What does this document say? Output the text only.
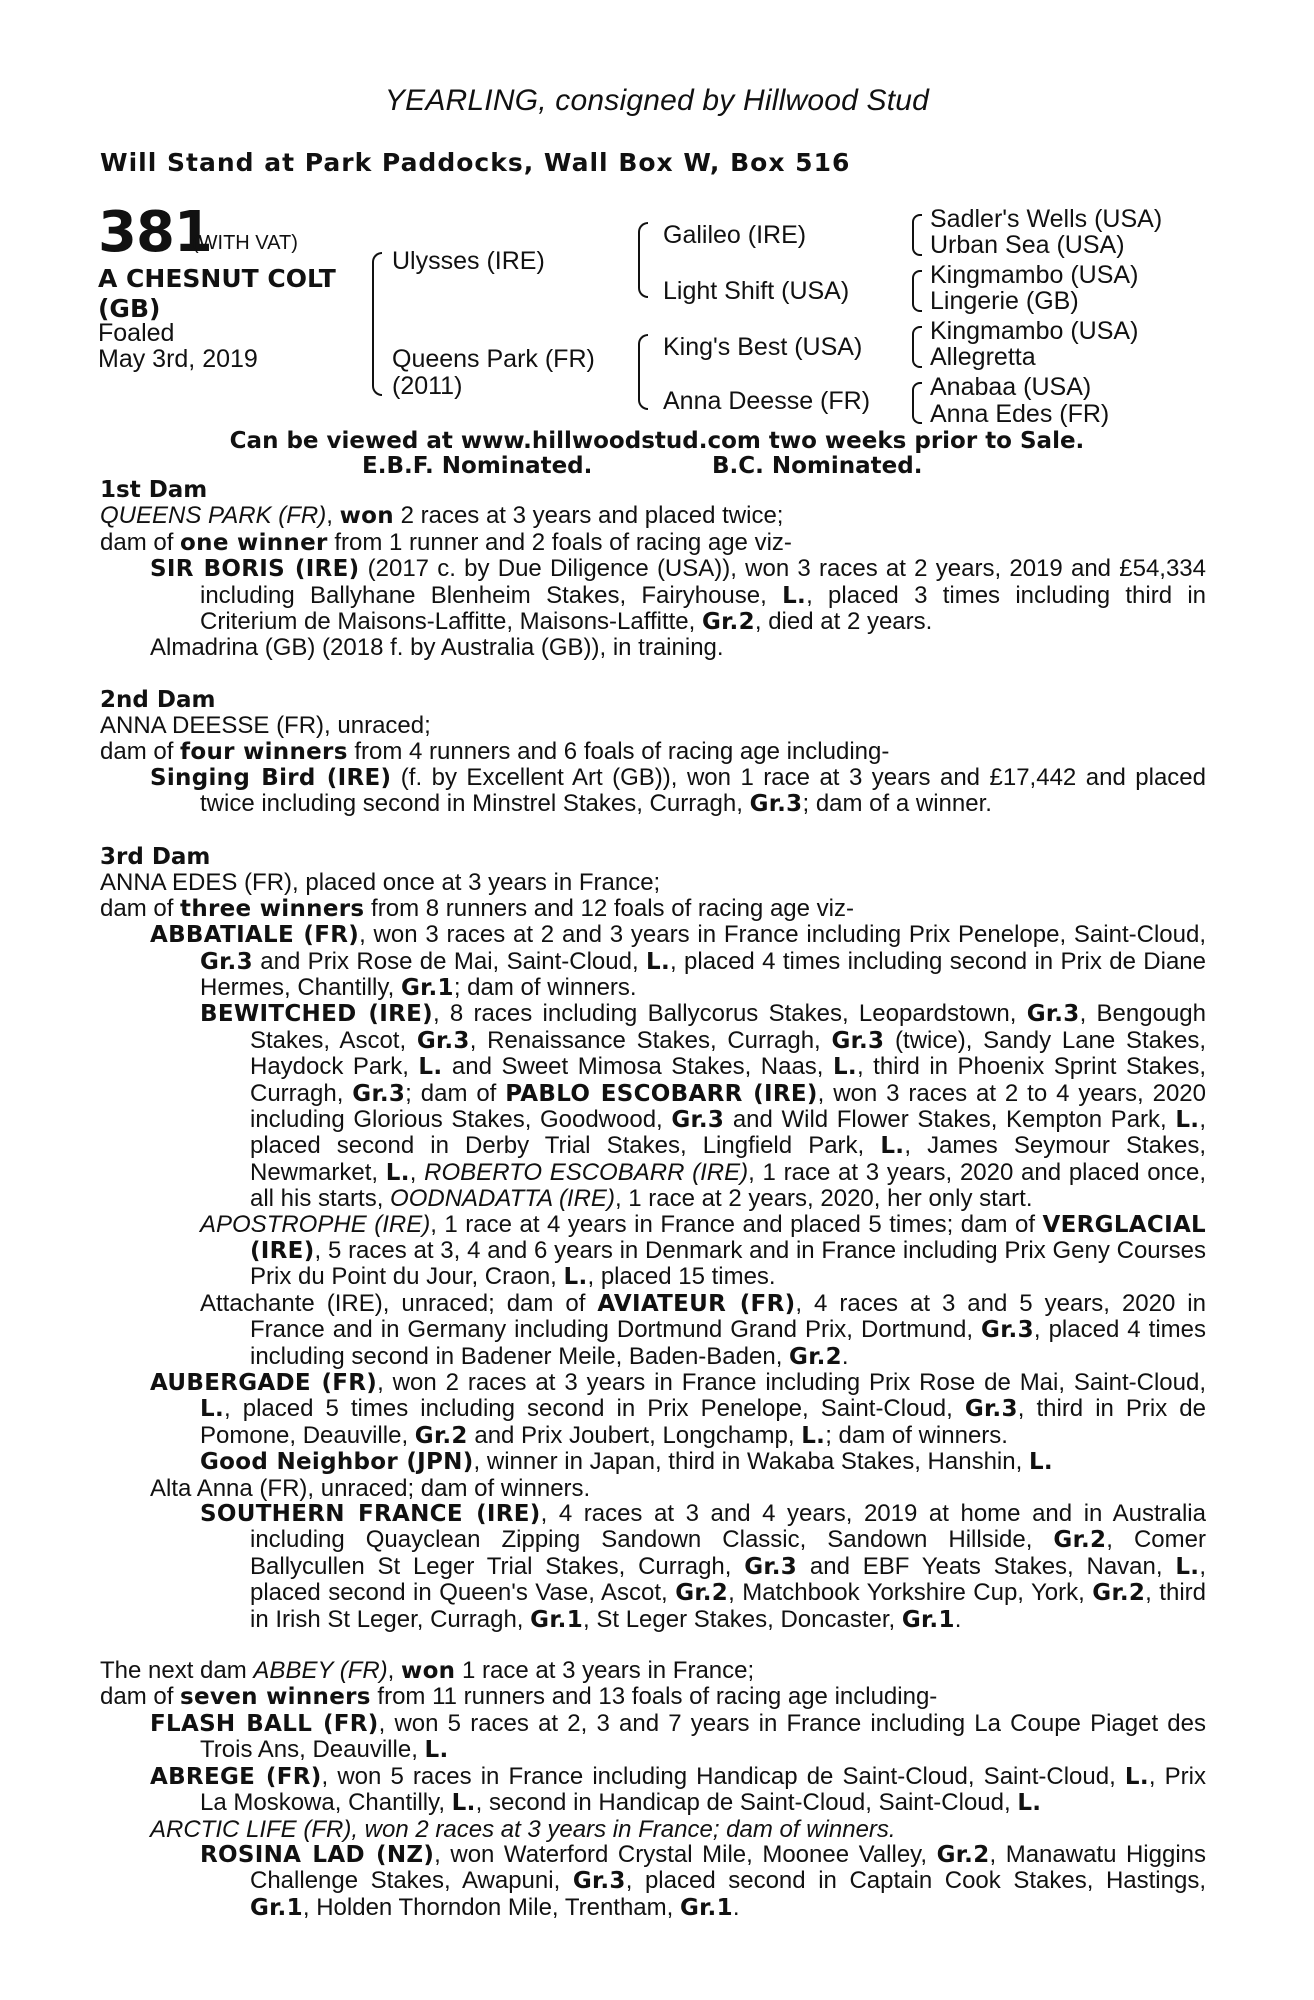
YEARLING, consigned by Hillwood Stud
Will Stand at Park Paddocks, Wall Box W, Box 516
381
(WITH VAT)
A CHESNUT COLT (GB)
Foaled
May 3rd, 2019
Ulysses (IRE)
Queens Park (FR)
(2011)
Galileo (IRE)
Light Shift (USA)
King's Best (USA)
Anna Deesse (FR)
Sadler's Wells (USA)
Urban Sea (USA)
Kingmambo (USA)
Lingerie (GB)
Kingmambo (USA)
Allegretta
Anabaa (USA)
Anna Edes (FR)
Can be viewed at www.hillwoodstud.com two weeks prior to Sale.
E.B.F. Nominated.	B.C. Nominated.
1st Dam
QUEENS PARK (FR), won 2 races at 3 years and placed twice;
dam of one winner from 1 runner and 2 foals of racing age viz-
SIR BORIS (IRE) (2017 c. by Due Diligence (USA)), won 3 races at 2 years, 2019 and £54,334 including Ballyhane Blenheim Stakes, Fairyhouse, L., placed 3 times including third in Criterium de Maisons-Laffitte, Maisons-Laffitte, Gr.2, died at 2 years.
Almadrina (GB) (2018 f. by Australia (GB)), in training.
2nd Dam
ANNA DEESSE (FR), unraced;
dam of four winners from 4 runners and 6 foals of racing age including-
Singing Bird (IRE) (f. by Excellent Art (GB)), won 1 race at 3 years and £17,442 and placed twice including second in Minstrel Stakes, Curragh, Gr.3; dam of a winner.
3rd Dam
ANNA EDES (FR), placed once at 3 years in France;
dam of three winners from 8 runners and 12 foals of racing age viz-
ABBATIALE (FR), won 3 races at 2 and 3 years in France including Prix Penelope, Saint-Cloud, Gr.3 and Prix Rose de Mai, Saint-Cloud, L., placed 4 times including second in Prix de Diane Hermes, Chantilly, Gr.1; dam of winners.
BEWITCHED (IRE), 8 races including Ballycorus Stakes, Leopardstown, Gr.3, Bengough Stakes, Ascot, Gr.3, Renaissance Stakes, Curragh, Gr.3 (twice), Sandy Lane Stakes, Haydock Park, L. and Sweet Mimosa Stakes, Naas, L., third in Phoenix Sprint Stakes, Curragh, Gr.3; dam of PABLO ESCOBARR (IRE), won 3 races at 2 to 4 years, 2020 including Glorious Stakes, Goodwood, Gr.3 and Wild Flower Stakes, Kempton Park, L., placed second in Derby Trial Stakes, Lingfield Park, L., James Seymour Stakes, Newmarket, L., ROBERTO ESCOBARR (IRE), 1 race at 3 years, 2020 and placed once, all his starts, OODNADATTA (IRE), 1 race at 2 years, 2020, her only start.
APOSTROPHE (IRE), 1 race at 4 years in France and placed 5 times; dam of VERGLACIAL (IRE), 5 races at 3, 4 and 6 years in Denmark and in France including Prix Geny Courses Prix du Point du Jour, Craon, L., placed 15 times.
Attachante (IRE), unraced; dam of AVIATEUR (FR), 4 races at 3 and 5 years, 2020 in France and in Germany including Dortmund Grand Prix, Dortmund, Gr.3, placed 4 times including second in Badener Meile, Baden-Baden, Gr.2.
AUBERGADE (FR), won 2 races at 3 years in France including Prix Rose de Mai, Saint-Cloud, L., placed 5 times including second in Prix Penelope, Saint-Cloud, Gr.3, third in Prix de Pomone, Deauville, Gr.2 and Prix Joubert, Longchamp, L.; dam of winners.
Good Neighbor (JPN), winner in Japan, third in Wakaba Stakes, Hanshin, L.
Alta Anna (FR), unraced; dam of winners.
SOUTHERN FRANCE (IRE), 4 races at 3 and 4 years, 2019 at home and in Australia including Quayclean Zipping Sandown Classic, Sandown Hillside, Gr.2, Comer Ballycullen St Leger Trial Stakes, Curragh, Gr.3 and EBF Yeats Stakes, Navan, L., placed second in Queen's Vase, Ascot, Gr.2, Matchbook Yorkshire Cup, York, Gr.2, third in Irish St Leger, Curragh, Gr.1, St Leger Stakes, Doncaster, Gr.1.
The next dam ABBEY (FR), won 1 race at 3 years in France;
dam of seven winners from 11 runners and 13 foals of racing age including-
FLASH BALL (FR), won 5 races at 2, 3 and 7 years in France including La Coupe Piaget des Trois Ans, Deauville, L.
ABREGE (FR), won 5 races in France including Handicap de Saint-Cloud, Saint-Cloud, L., Prix La Moskowa, Chantilly, L., second in Handicap de Saint-Cloud, Saint-Cloud, L.
ARCTIC LIFE (FR), won 2 races at 3 years in France; dam of winners.
ROSINA LAD (NZ), won Waterford Crystal Mile, Moonee Valley, Gr.2, Manawatu Higgins Challenge Stakes, Awapuni, Gr.3, placed second in Captain Cook Stakes, Hastings, Gr.1, Holden Thorndon Mile, Trentham, Gr.1.
